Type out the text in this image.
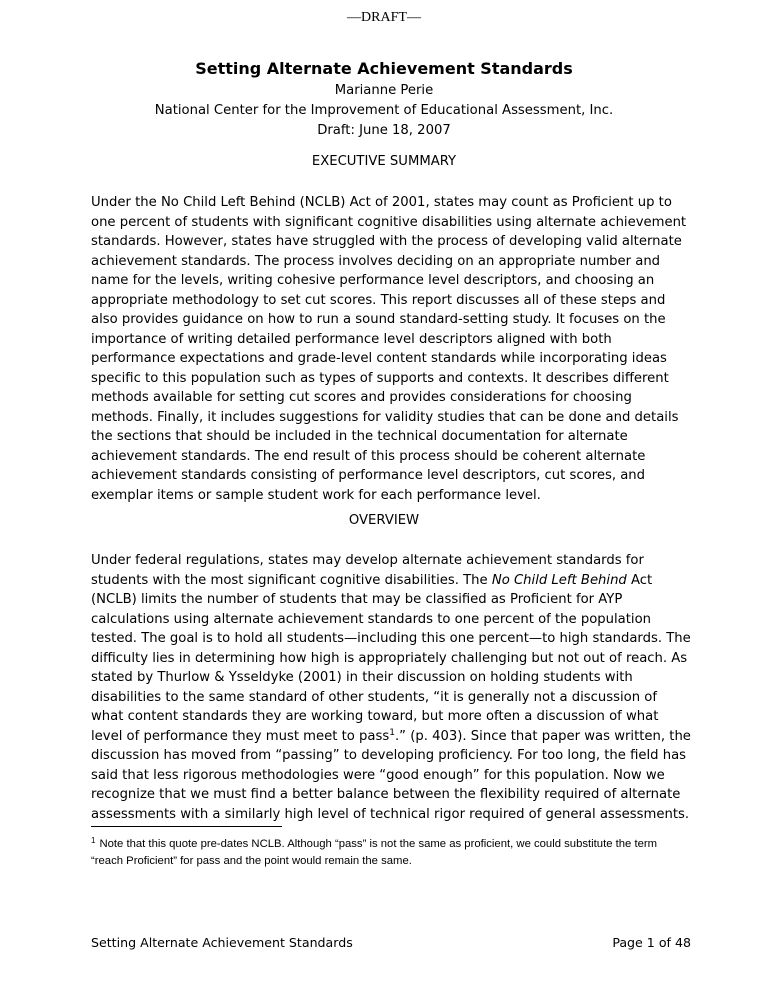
—DRAFT—
Setting Alternate Achievement Standards
Marianne Perie
National Center for the Improvement of Educational Assessment, Inc.
Draft: June 18, 2007
EXECUTIVE SUMMARY

Under the No Child Left Behind (NCLB) Act of 2001, states may count as Proficient up to one percent of students with significant cognitive disabilities using alternate achievement standards. However, states have struggled with the process of developing valid alternate achievement standards. The process involves deciding on an appropriate number and name for the levels, writing cohesive performance level descriptors, and choosing an appropriate methodology to set cut scores. This report discusses all of these steps and also provides guidance on how to run a sound standard-setting study. It focuses on the importance of writing detailed performance level descriptors aligned with both performance expectations and grade-level content standards while incorporating ideas specific to this population such as types of supports and contexts. It describes different methods available for setting cut scores and provides considerations for choosing methods. Finally, it includes suggestions for validity studies that can be done and details the sections that should be included in the technical documentation for alternate achievement standards. The end result of this process should be coherent alternate achievement standards consisting of performance level descriptors, cut scores, and exemplar items or sample student work for each performance level.

OVERVIEW

Under federal regulations, states may develop alternate achievement standards for students with the most significant cognitive disabilities. The No Child Left Behind Act (NCLB) limits the number of students that may be classified as Proficient for AYP calculations using alternate achievement standards to one percent of the population tested. The goal is to hold all students—including this one percent—to high standards. The difficulty lies in determining how high is appropriately challenging but not out of reach. As stated by Thurlow & Ysseldyke (2001) in their discussion on holding students with disabilities to the same standard of other students, “it is generally not a discussion of what content standards they are working toward, but more often a discussion of what level of performance they must meet to pass$^1$.” (p. 403). Since that paper was written, the discussion has moved from “passing” to developing proficiency. For too long, the field has said that less rigorous methodologies were “good enough” for this population. Now we recognize that we must find a better balance between the flexibility required of alternate assessments with a similarly high level of technical rigor required of general assessments.

$^1$ Note that this quote pre-dates NCLB. Although “pass” is not the same as proficient, we could substitute the term “reach Proficient” for pass and the point would remain the same.
Setting Alternate Achievement Standards	Page 1 of 48
